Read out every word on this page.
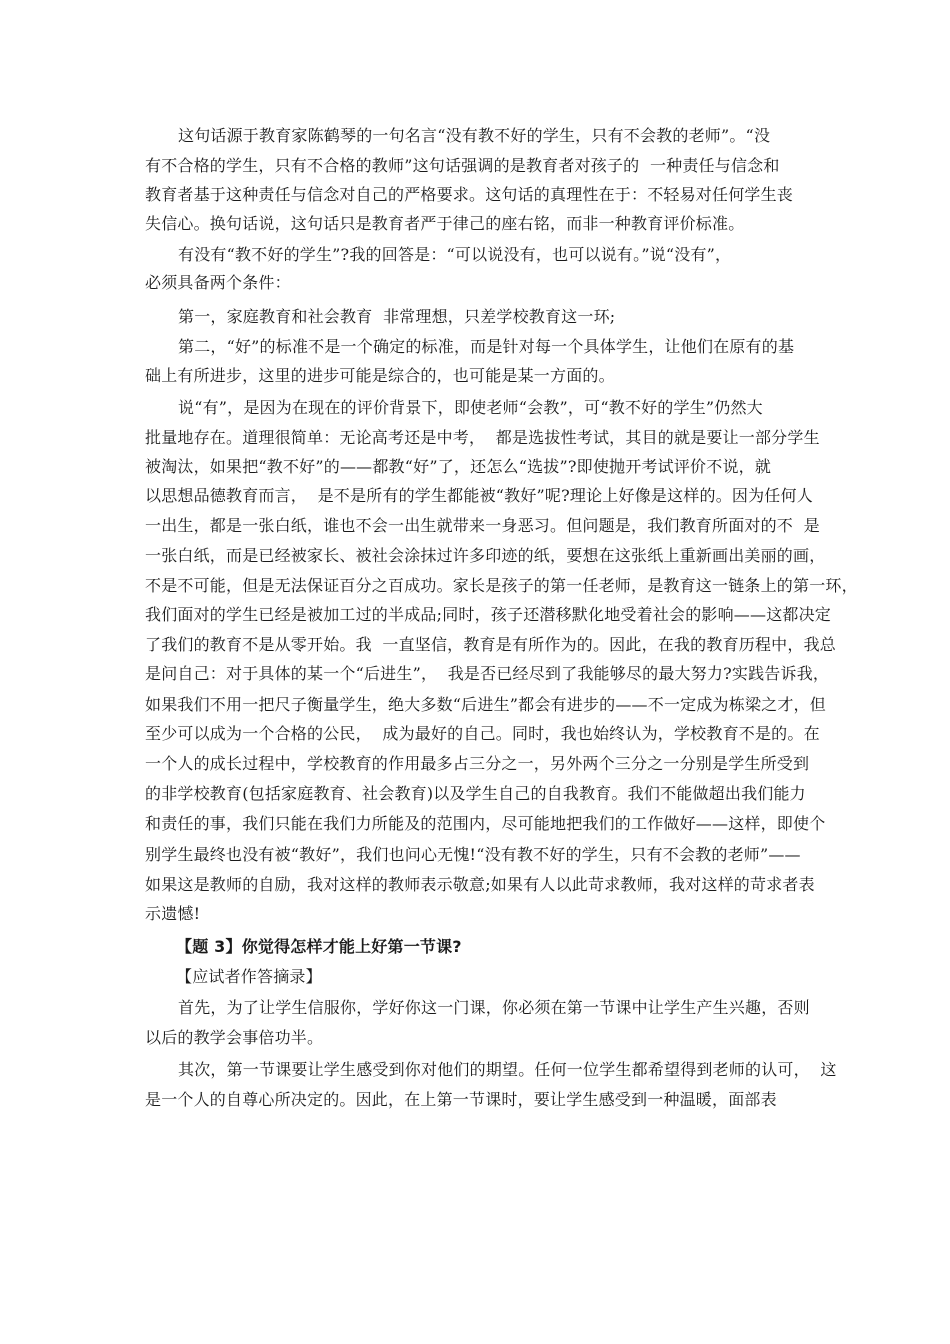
这句话源于教育家陈鹤琴的一句名言“没有教不好的学生，只有不会教的老师”。“没
有不合格的学生，只有不合格的教师”这句话强调的是教育者对孩子的  一种责任与信念和
教育者基于这种责任与信念对自己的严格要求。这句话的真理性在于：不轻易对任何学生丧
失信心。换句话说，这句话只是教育者严于律己的座右铭，而非一种教育评价标准。
有没有“教不好的学生”?我的回答是：“可以说没有，也可以说有。”说“没有”，
必须具备两个条件：
第一，家庭教育和社会教育  非常理想，只差学校教育这一环;
第二，“好”的标准不是一个确定的标准，而是针对每一个具体学生，让他们在原有的基
础上有所进步，这里的进步可能是综合的，也可能是某一方面的。
说“有”，是因为在现在的评价背景下，即使老师“会教”，可“教不好的学生”仍然大
批量地存在。道理很简单：无论高考还是中考，  都是选拔性考试，其目的就是要让一部分学生
被淘汰，如果把“教不好”的——都教“好”了，还怎么“选拔”?即使抛开考试评价不说，就
以思想品德教育而言，  是不是所有的学生都能被“教好”呢?理论上好像是这样的。因为任何人
一出生，都是一张白纸，谁也不会一出生就带来一身恶习。但问题是，我们教育所面对的不  是
一张白纸，而是已经被家长、被社会涂抹过许多印迹的纸，要想在这张纸上重新画出美丽的画，
不是不可能，但是无法保证百分之百成功。家长是孩子的第一任老师，是教育这一链条上的第一环，
我们面对的学生已经是被加工过的半成品;同时，孩子还潜移默化地受着社会的影响——这都决定
了我们的教育不是从零开始。我  一直坚信，教育是有所作为的。因此，在我的教育历程中，我总
是问自己：对于具体的某一个“后进生”，  我是否已经尽到了我能够尽的最大努力?实践告诉我，
如果我们不用一把尺子衡量学生，绝大多数“后进生”都会有进步的——不一定成为栋梁之才，但
至少可以成为一个合格的公民，  成为最好的自己。同时，我也始终认为，学校教育不是的。在
一个人的成长过程中，学校教育的作用最多占三分之一，另外两个三分之一分别是学生所受到
的非学校教育(包括家庭教育、社会教育)以及学生自己的自我教育。我们不能做超出我们能力
和责任的事，我们只能在我们力所能及的范围内，尽可能地把我们的工作做好——这样，即使个
别学生最终也没有被“教好”，我们也问心无愧!“没有教不好的学生，只有不会教的老师”——
如果这是教师的自励，我对这样的教师表示敬意;如果有人以此苛求教师，我对这样的苛求者表
示遗憾!
【题 3】你觉得怎样才能上好第一节课?
【应试者作答摘录】
首先，为了让学生信服你，学好你这一门课，你必须在第一节课中让学生产生兴趣，否则
以后的教学会事倍功半。
其次，第一节课要让学生感受到你对他们的期望。任何一位学生都希望得到老师的认可，  这
是一个人的自尊心所决定的。因此，在上第一节课时，要让学生感受到一种温暖，面部表
